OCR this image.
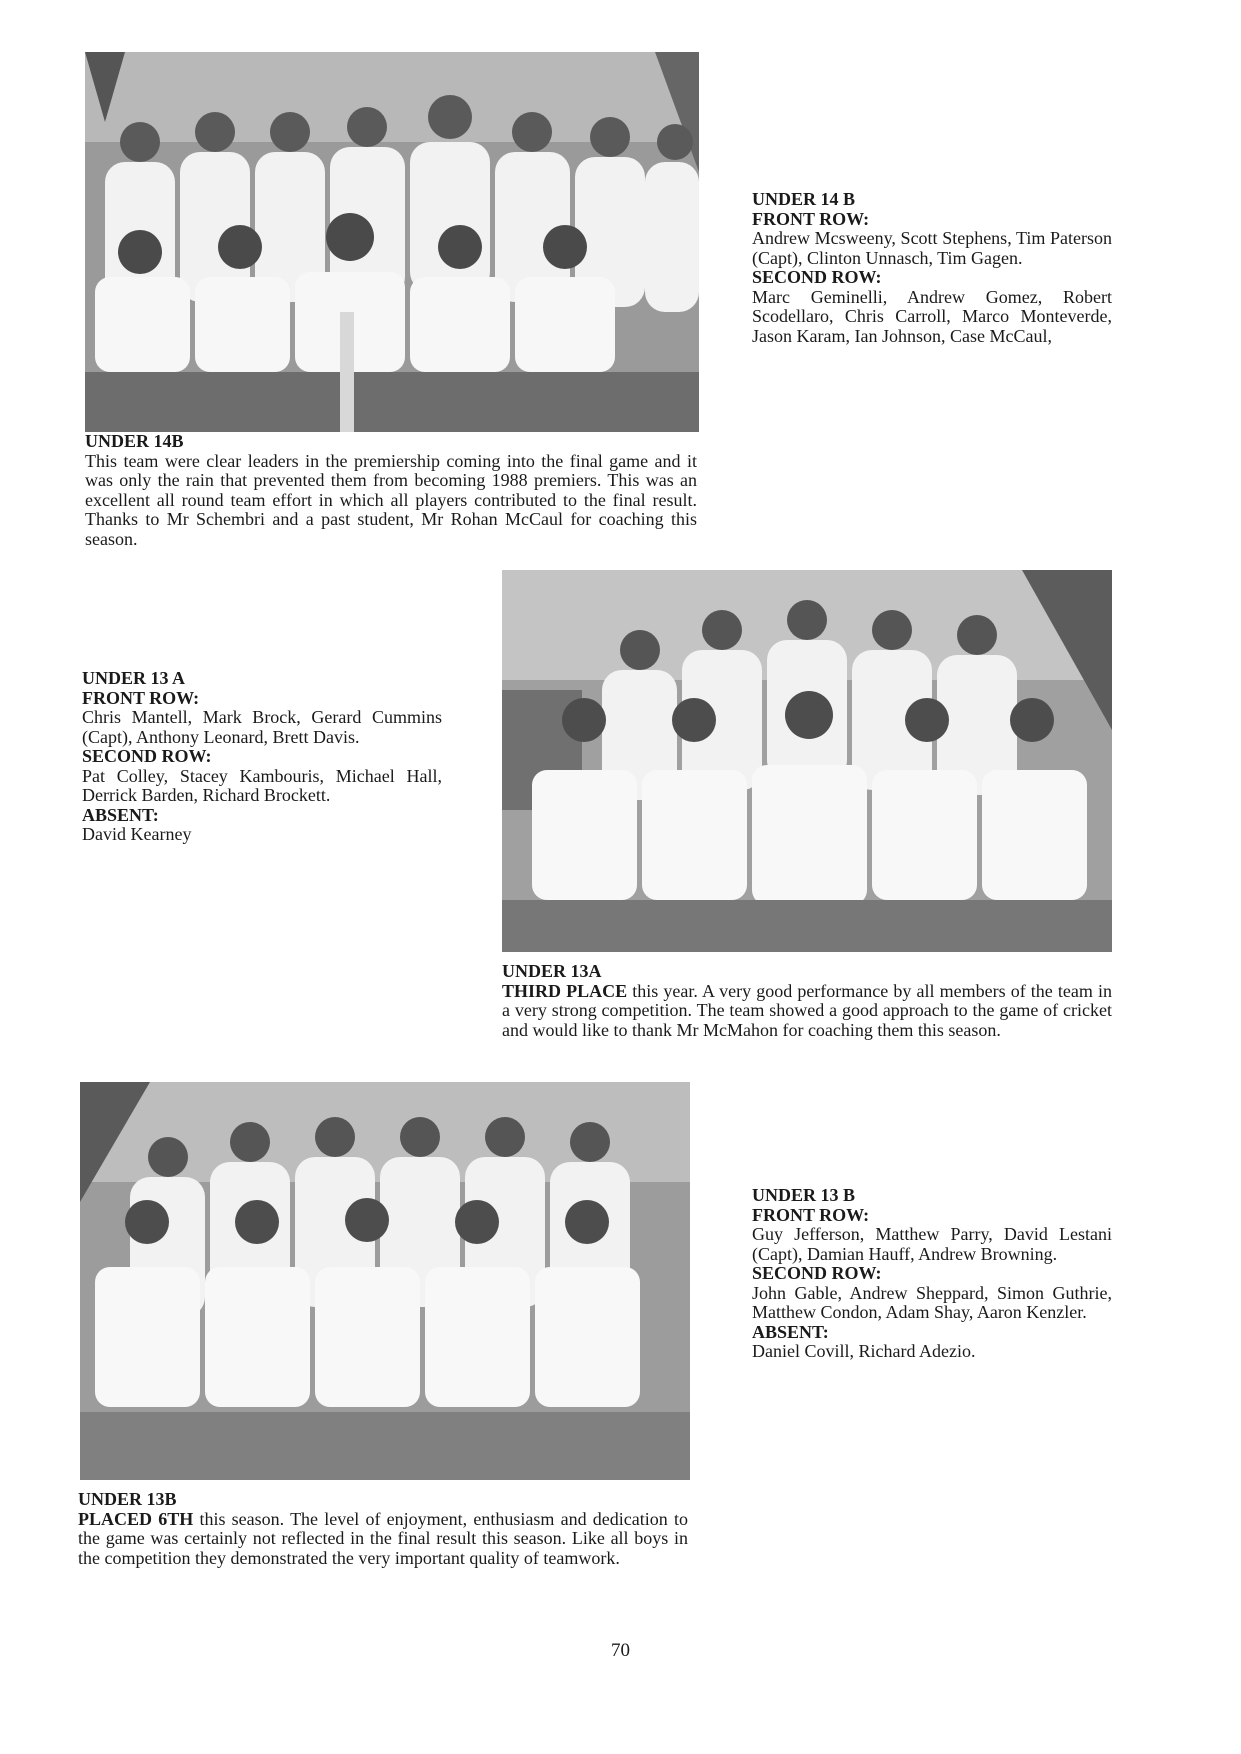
UNDER 14B
This team were clear leaders in the premiership coming into the final game and it was only the rain that prevented them from becoming 1988 premiers. This was an excellent all round team effort in which all players contributed to the final result. Thanks to Mr Schembri and a past student, Mr Rohan McCaul for coaching this season.
UNDER 14 B
FRONT ROW:
Andrew Mcsweeny, Scott Stephens, Tim Paterson (Capt), Clinton Unnasch, Tim Gagen.
SECOND ROW:
Marc Geminelli, Andrew Gomez, Robert Scodellaro, Chris Carroll, Marco Monteverde, Jason Karam, Ian Johnson, Case McCaul,
UNDER 13 A
FRONT ROW:
Chris Mantell, Mark Brock, Gerard Cummins (Capt), Anthony Leonard, Brett Davis.
SECOND ROW:
Pat Colley, Stacey Kambouris, Michael Hall, Derrick Barden, Richard Brockett.
ABSENT:
David Kearney
UNDER 13A
THIRD PLACE this year. A very good performance by all members of the team in a very strong competition. The team showed a good approach to the game of cricket and would like to thank Mr McMahon for coaching them this season.
UNDER 13 B
FRONT ROW:
Guy Jefferson, Matthew Parry, David Lestani (Capt), Damian Hauff, Andrew Browning.
SECOND ROW:
John Gable, Andrew Sheppard, Simon Guthrie, Matthew Condon, Adam Shay, Aaron Kenzler.
ABSENT:
Daniel Covill, Richard Adezio.
UNDER 13B
PLACED 6TH this season. The level of enjoyment, enthusiasm and dedication to the game was certainly not reflected in the final result this season. Like all boys in the competition they demonstrated the very important quality of teamwork.
70
